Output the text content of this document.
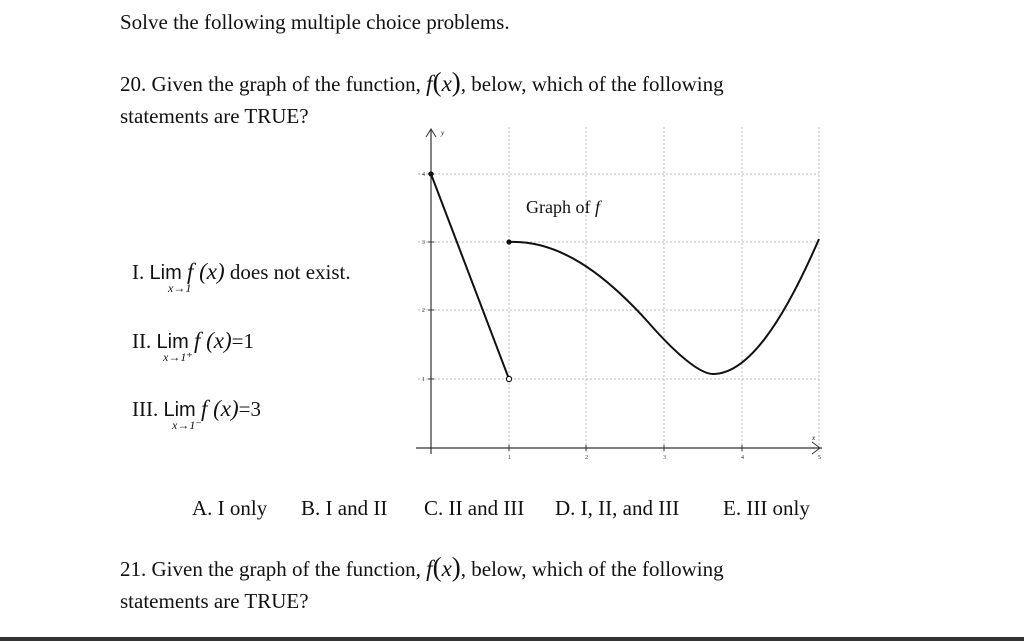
Solve the following multiple choice problems.
20. Given the graph of the function, f(x), below, which of the following
statements are TRUE?
I. Lim f (x) does not exist.
x→1
II. Lim f (x)=1
x→1⁺
III. Lim f (x)=3
x→1⁻
y
x
1	2	3	4	5
4
3
2
1
Graph of f
A. I only B. I and II C. II and III D. I, II, and III E. III only
21. Given the graph of the function, f(x), below, which of the following
statements are TRUE?
